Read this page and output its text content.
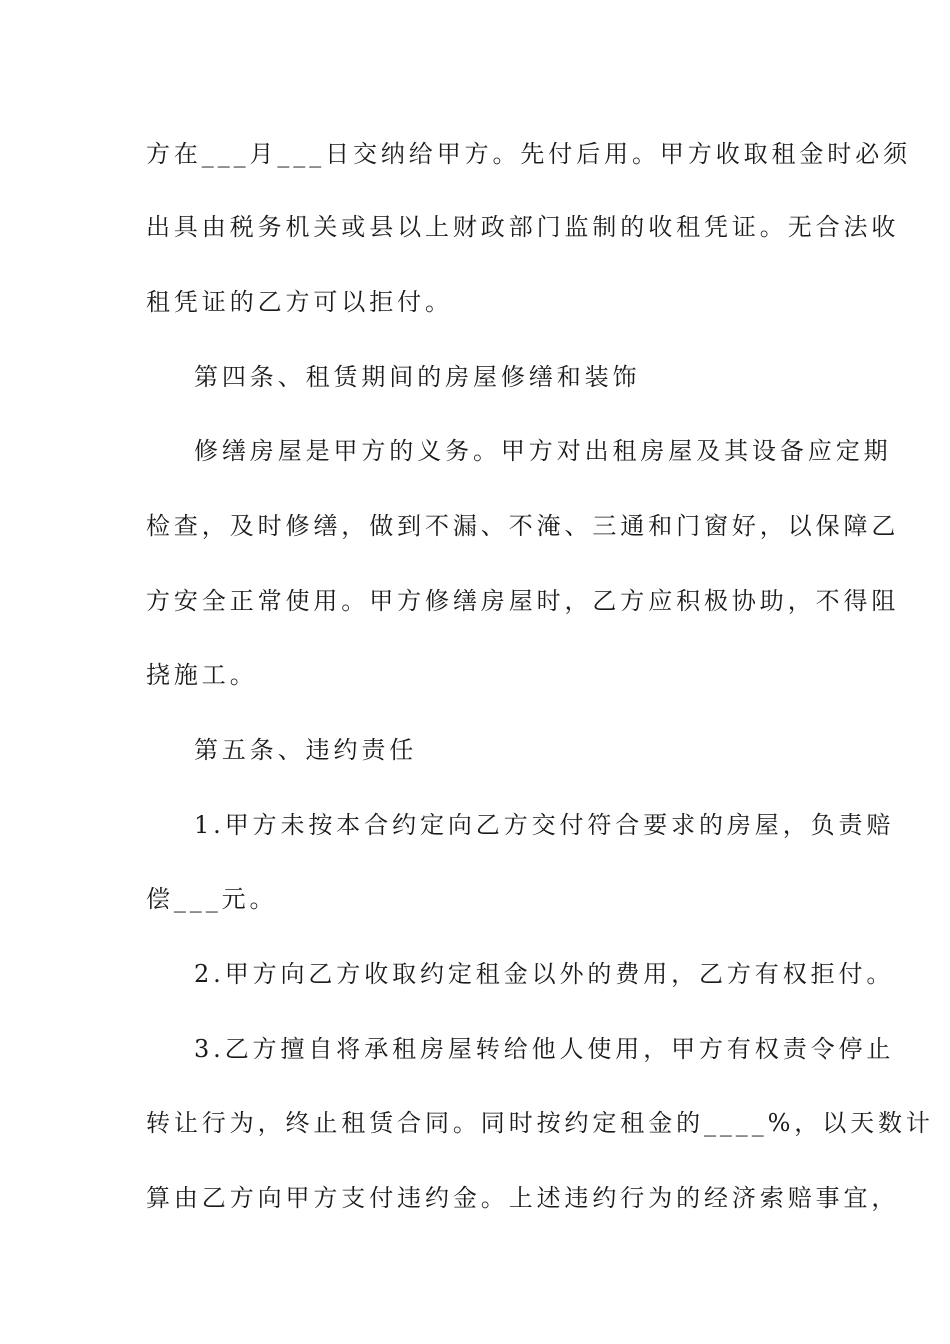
方在___月___日交纳给甲方。先付后用。甲方收取租金时必须
出具由税务机关或县以上财政部门监制的收租凭证。无合法收
租凭证的乙方可以拒付。
第四条、租赁期间的房屋修缮和装饰
修缮房屋是甲方的义务。甲方对出租房屋及其设备应定期
检查，及时修缮，做到不漏、不淹、三通和门窗好，以保障乙
方安全正常使用。甲方修缮房屋时，乙方应积极协助，不得阻
挠施工。
第五条、违约责任
1.甲方未按本合约定向乙方交付符合要求的房屋，负责赔
偿___元。
2.甲方向乙方收取约定租金以外的费用，乙方有权拒付。
3.乙方擅自将承租房屋转给他人使用，甲方有权责令停止
转让行为，终止租赁合同。同时按约定租金的____%，以天数计
算由乙方向甲方支付违约金。上述违约行为的经济索赔事宜，
